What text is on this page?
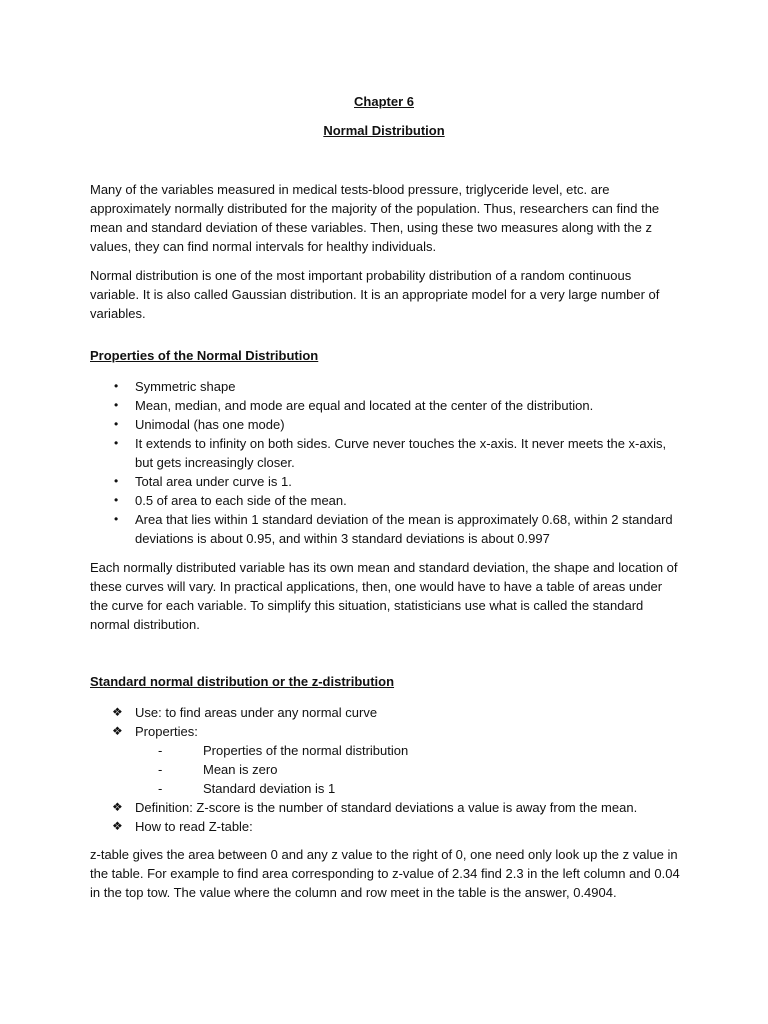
Chapter 6
Normal Distribution
Many of the variables measured in medical tests-blood pressure, triglyceride level, etc. are approximately normally distributed for the majority of the population. Thus, researchers can find the mean and standard deviation of these variables. Then, using these two measures along with the z values, they can find normal intervals for healthy individuals.
Normal distribution is one of the most important probability distribution of a random continuous variable. It is also called Gaussian distribution. It is an appropriate model for a very large number of variables.
Properties of the Normal Distribution
•	Symmetric shape
•	Mean, median, and mode are equal and located at the center of the distribution.
•	Unimodal (has one mode)
•	It extends to infinity on both sides. Curve never touches the x-axis. It never meets the x-axis, but gets increasingly closer.
•	Total area under curve is 1.
•	0.5 of area to each side of the mean.
•	Area that lies within 1 standard deviation of the mean is approximately 0.68, within 2 standard deviations is about 0.95, and within 3 standard deviations is about 0.997
Each normally distributed variable has its own mean and standard deviation, the shape and location of these curves will vary. In practical applications, then, one would have to have a table of areas under the curve for each variable. To simplify this situation, statisticians use what is called the standard normal distribution.
Standard normal distribution or the z-distribution
❖ Use: to find areas under any normal curve
❖ Properties:
-	Properties of the normal distribution
-	Mean is zero
-	Standard deviation is 1
❖ Definition: Z-score is the number of standard deviations a value is away from the mean.
❖ How to read Z-table:
z-table gives the area between 0 and any z value to the right of 0, one need only look up the z value in the table. For example to find area corresponding to z-value of 2.34 find 2.3 in the left column and 0.04 in the top tow. The value where the column and row meet in the table is the answer, 0.4904.
